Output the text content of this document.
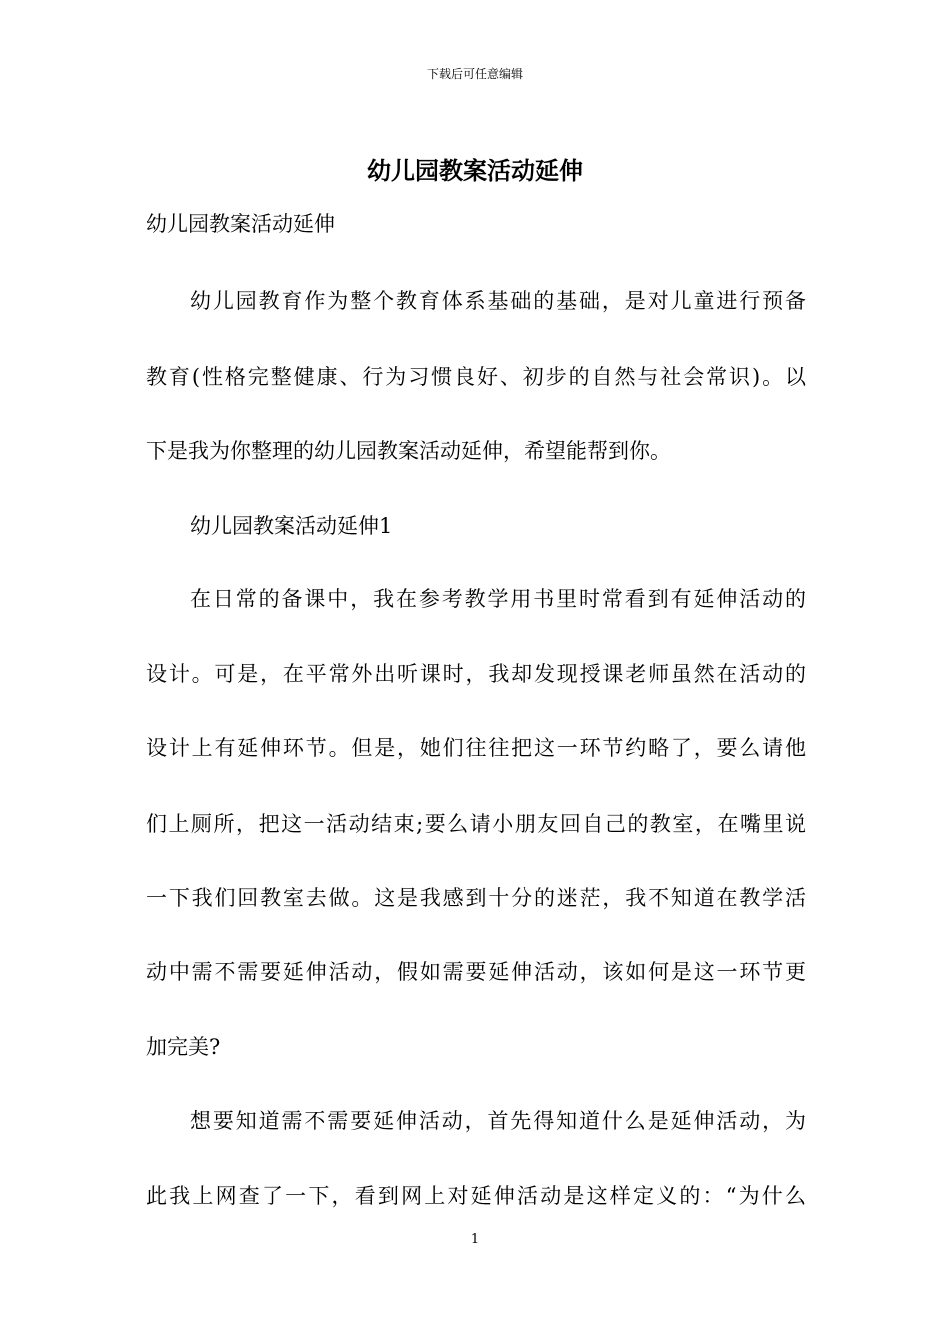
下载后可任意编辑
幼儿园教案活动延伸

幼儿园教案活动延伸

幼儿园教育作为整个教育体系基础的基础，是对儿童进行预备

教育(性格完整健康、行为习惯良好、初步的自然与社会常识)。以

下是我为你整理的幼儿园教案活动延伸，希望能帮到你。

幼儿园教案活动延伸1

在日常的备课中，我在参考教学用书里时常看到有延伸活动的

设计。可是，在平常外出听课时，我却发现授课老师虽然在活动的

设计上有延伸环节。但是，她们往往把这一环节约略了，要么请他

们上厕所，把这一活动结束;要么请小朋友回自己的教室，在嘴里说

一下我们回教室去做。这是我感到十分的迷茫，我不知道在教学活

动中需不需要延伸活动，假如需要延伸活动，该如何是这一环节更

加完美?

想要知道需不需要延伸活动，首先得知道什么是延伸活动，为

此我上网查了一下，看到网上对延伸活动是这样定义的：“为什么

1
